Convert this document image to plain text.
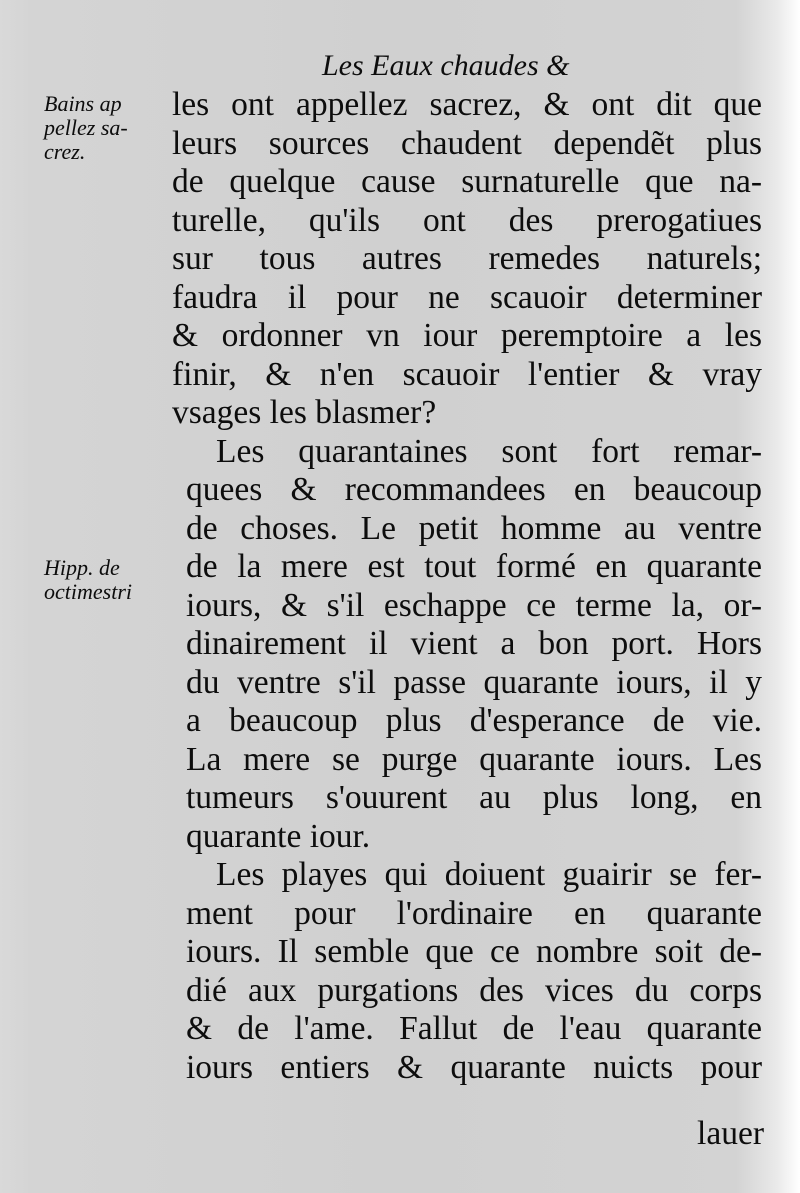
Les Eaux chaudes &
Bains ap
pellez sa-
crez.
Hipp. de
octimestri
les ont appellez sacrez, & ont dit que
leurs sources chaudent dependẽt plus
de quelque cause surnaturelle que na-
turelle, qu'ils ont des prerogatiues
sur tous autres remedes naturels;
faudra il pour ne scauoir determiner
& ordonner vn iour peremptoire a les
finir, & n'en scauoir l'entier & vray
vsages les blasmer?
Les quarantaines sont fort remar-
quees & recommandees en beaucoup
de choses. Le petit homme au ventre
de la mere est tout formé en quarante
iours, & s'il eschappe ce terme la, or-
dinairement il vient a bon port. Hors
du ventre s'il passe quarante iours, il y
a beaucoup plus d'esperance de vie.
La mere se purge quarante iours. Les
tumeurs s'ouurent au plus long, en
quarante iour.
Les playes qui doiuent guairir se fer-
ment pour l'ordinaire en quarante
iours. Il semble que ce nombre soit de-
dié aux purgations des vices du corps
& de l'ame. Fallut de l'eau quarante
iours entiers & quarante nuicts pour
lauer
